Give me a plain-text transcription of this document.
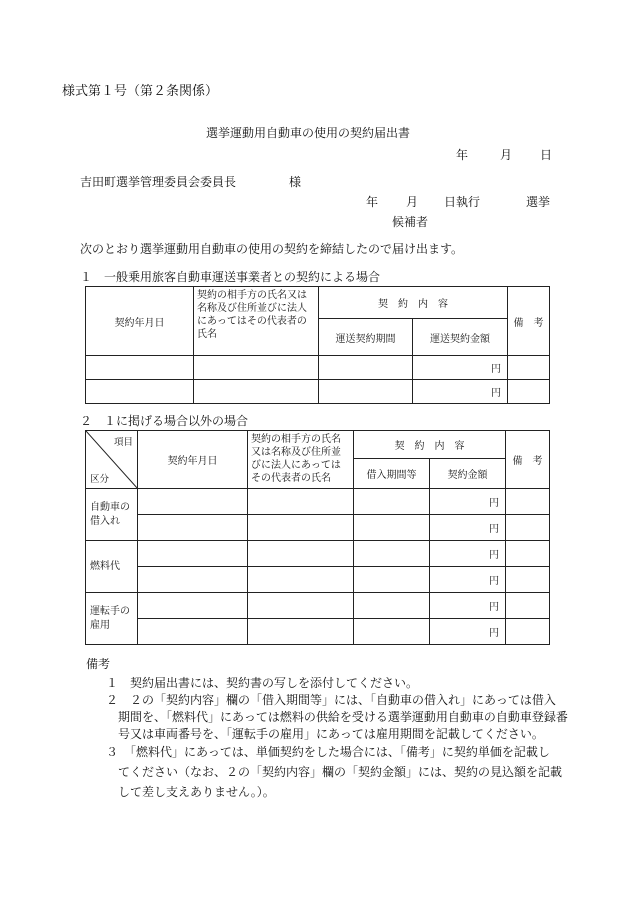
様式第１号（第２条関係）
選挙運動用自動車の使用の契約届出書
年	月 日
吉田町選挙管理委員会委員長	様
年 月 日執行	選挙
候補者
次のとおり選挙運動用自動車の使用の契約を締結したので届け出ます。
１　一般乗用旅客自動車運送事業者との契約による場合
契約年月日	契約の相手方の氏名又は名称及び住所並びに法人にあってはその代表者の氏名	契　約　内　容		備　考
		運送契約期間	運送契約金額	
			円	
			円	
２　１に掲げる場合以外の場合
項目
区分	契約年月日	契約の相手方の氏名又は名称及び住所並びに法人にあってはその代表者の氏名	契　約　内　容		備　考
			借入期間等	契約金額	
自動車の借入れ				円	
				円	
燃料代				円	
				円	
運転手の雇用				円	
				円	
備考
１　契約届出書には、契約書の写しを添付してください。
２　２の「契約内容」欄の「借入期間等」には、「自動車の借入れ」にあっては借入
期間を、「燃料代」にあっては燃料の供給を受ける選挙運動用自動車の自動車登録番
号又は車両番号を、「運転手の雇用」にあっては雇用期間を記載してください。
３　「燃料代」にあっては、単価契約をした場合には、「備考」に契約単価を記載し
てください（なお、２の「契約内容」欄の「契約金額」には、契約の見込額を記載
して差し支えありません。）。
